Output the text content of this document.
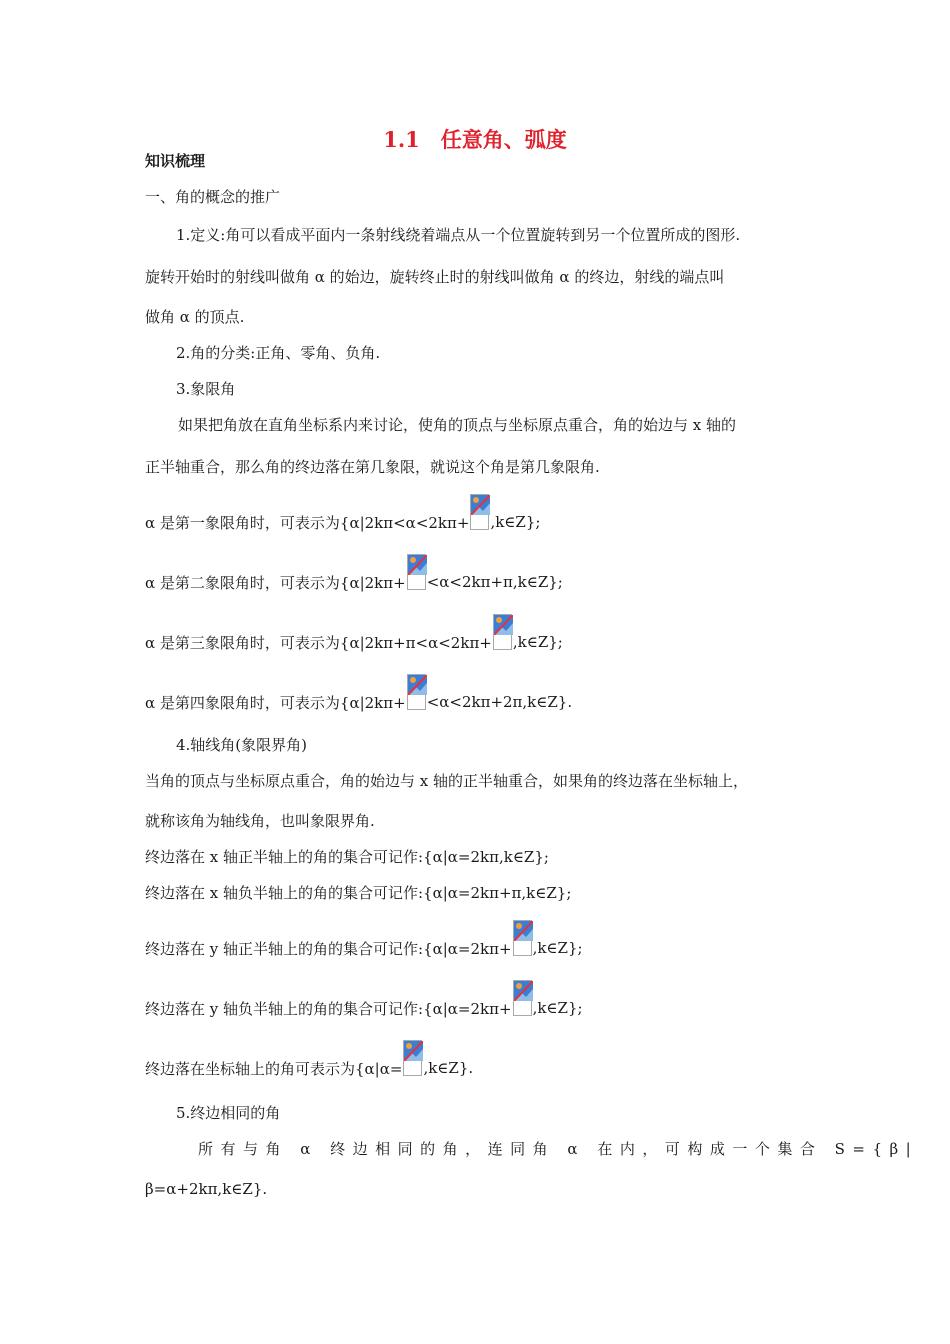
1.1　任意角、弧度
知识梳理
一、角的概念的推广
1.定义:角可以看成平面内一条射线绕着端点从一个位置旋转到另一个位置所成的图形.
旋转开始时的射线叫做角 α 的始边，旋转终止时的射线叫做角 α 的终边，射线的端点叫
做角 α 的顶点.
2.角的分类:正角、零角、负角.
3.象限角
如果把角放在直角坐标系内来讨论，使角的顶点与坐标原点重合，角的始边与 x 轴的
正半轴重合，那么角的终边落在第几象限，就说这个角是第几象限角.
α 是第一象限角时，可表示为{α|2kπ<α<2kπ+ ,k∈Z};
α 是第二象限角时，可表示为{α|2kπ+ <α<2kπ+π,k∈Z};
α 是第三象限角时，可表示为{α|2kπ+π<α<2kπ+ ,k∈Z};
α 是第四象限角时，可表示为{α|2kπ+ <α<2kπ+2π,k∈Z}.
4.轴线角(象限界角)
当角的顶点与坐标原点重合，角的始边与 x 轴的正半轴重合，如果角的终边落在坐标轴上，
就称该角为轴线角，也叫象限界角.
终边落在 x 轴正半轴上的角的集合可记作:{α|α=2kπ,k∈Z};
终边落在 x 轴负半轴上的角的集合可记作:{α|α=2kπ+π,k∈Z};
终边落在 y 轴正半轴上的角的集合可记作:{α|α=2kπ+ ,k∈Z};
终边落在 y 轴负半轴上的角的集合可记作:{α|α=2kπ+ ,k∈Z};
终边落在坐标轴上的角可表示为{α|α= ,k∈Z}.
5.终边相同的角
所有与角 α 终边相同的角，连同角 α 在内，可构成一个集合 S={β|
β=α+2kπ,k∈Z}.
